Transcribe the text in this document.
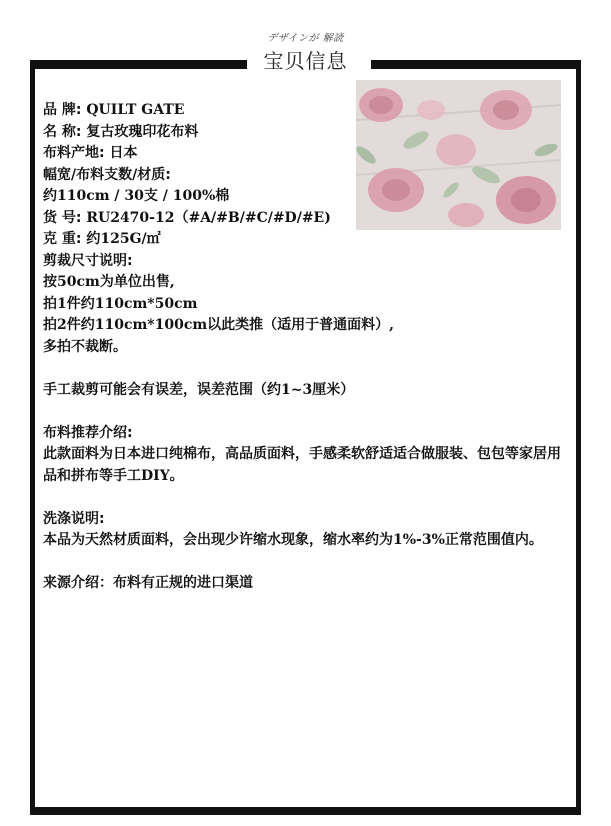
デザインが 解読
宝贝信息
品 牌: QUILT GATE
名 称: 复古玫瑰印花布料
布料产地: 日本
幅宽/布料支数/材质:
约110cm / 30支 / 100%棉
货 号: RU2470-12（#A/#B/#C/#D/#E)
克 重: 约125G/㎡
剪裁尺寸说明:
按50cm为单位出售,
拍1件约110cm*50cm
拍2件约110cm*100cm以此类推（适用于普通面料）,
多拍不裁断。
手工裁剪可能会有误差，误差范围（约1~3厘米）
布料推荐介绍:
此款面料为日本进口纯棉布，高品质面料，手感柔软舒适适合做服装、包包等家居用品和拼布等手工DIY。
洗涤说明:
本品为天然材质面料，会出现少许缩水现象，缩水率约为1%-3%正常范围值内。
来源介绍：布料有正规的进口渠道
